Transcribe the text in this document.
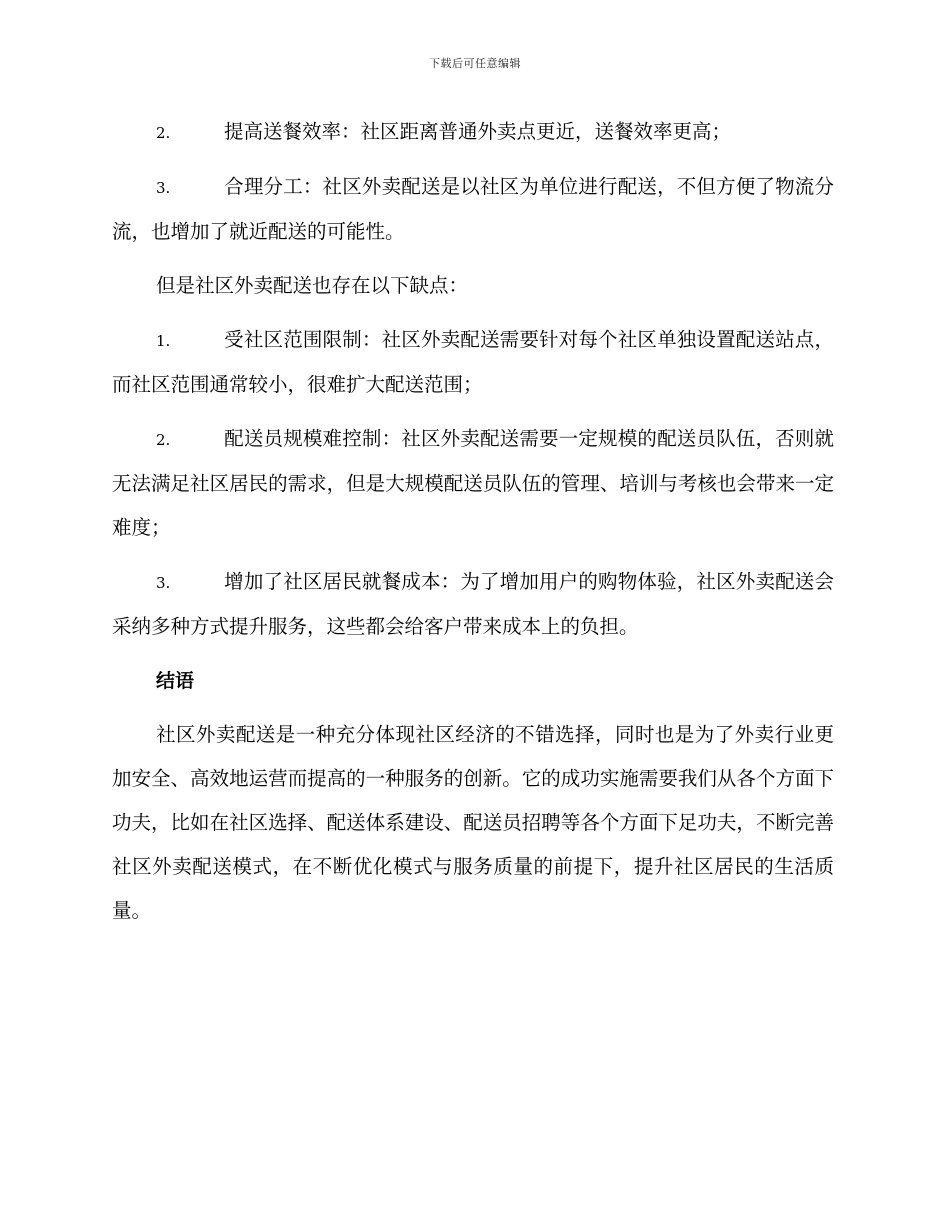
下载后可任意编辑

2.	提高送餐效率：社区距离普通外卖点更近，送餐效率更高；

3.	合理分工：社区外卖配送是以社区为单位进行配送，不但方便了物流分流，也增加了就近配送的可能性。

但是社区外卖配送也存在以下缺点：

1.	受社区范围限制：社区外卖配送需要针对每个社区单独设置配送站点，而社区范围通常较小，很难扩大配送范围；

2.	配送员规模难控制：社区外卖配送需要一定规模的配送员队伍，否则就无法满足社区居民的需求，但是大规模配送员队伍的管理、培训与考核也会带来一定难度；

3.	增加了社区居民就餐成本：为了增加用户的购物体验，社区外卖配送会采纳多种方式提升服务，这些都会给客户带来成本上的负担。

结语

社区外卖配送是一种充分体现社区经济的不错选择，同时也是为了外卖行业更加安全、高效地运营而提高的一种服务的创新。它的成功实施需要我们从各个方面下功夫，比如在社区选择、配送体系建设、配送员招聘等各个方面下足功夫，不断完善社区外卖配送模式，在不断优化模式与服务质量的前提下，提升社区居民的生活质量。
